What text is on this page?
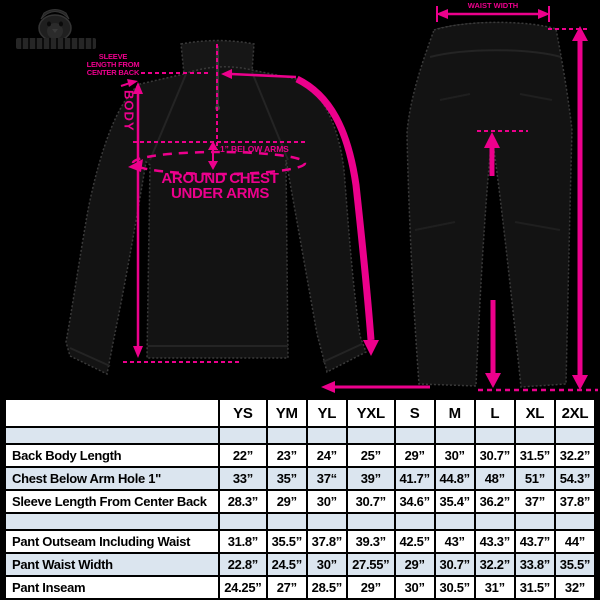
SLEEVE
LENGTH FROM
CENTER BACK
BODY
1” BELOW ARMS
AROUND CHEST
UNDER ARMS
WAIST WIDTH
	YS	YM	YL	YXL	S	M	L	XL	2XL

Back Body Length	22”	23”	24”	25”	29”	30”	30.7”	31.5”	32.2”
Chest Below Arm Hole 1"	33”	35”	37“	39”	41.7”	44.8”	48”	51”	54.3”
Sleeve Length From Center Back	28.3”	29”	30”	30.7”	34.6”	35.4”	36.2”	37”	37.8”

Pant Outseam Including Waist	31.8”	35.5”	37.8”	39.3”	42.5”	43”	43.3”	43.7”	44”
Pant Waist Width	22.8”	24.5”	30”	27.55”	29”	30.7”	32.2”	33.8”	35.5”
Pant Inseam	24.25”	27”	28.5”	29”	30”	30.5”	31”	31.5”	32”
